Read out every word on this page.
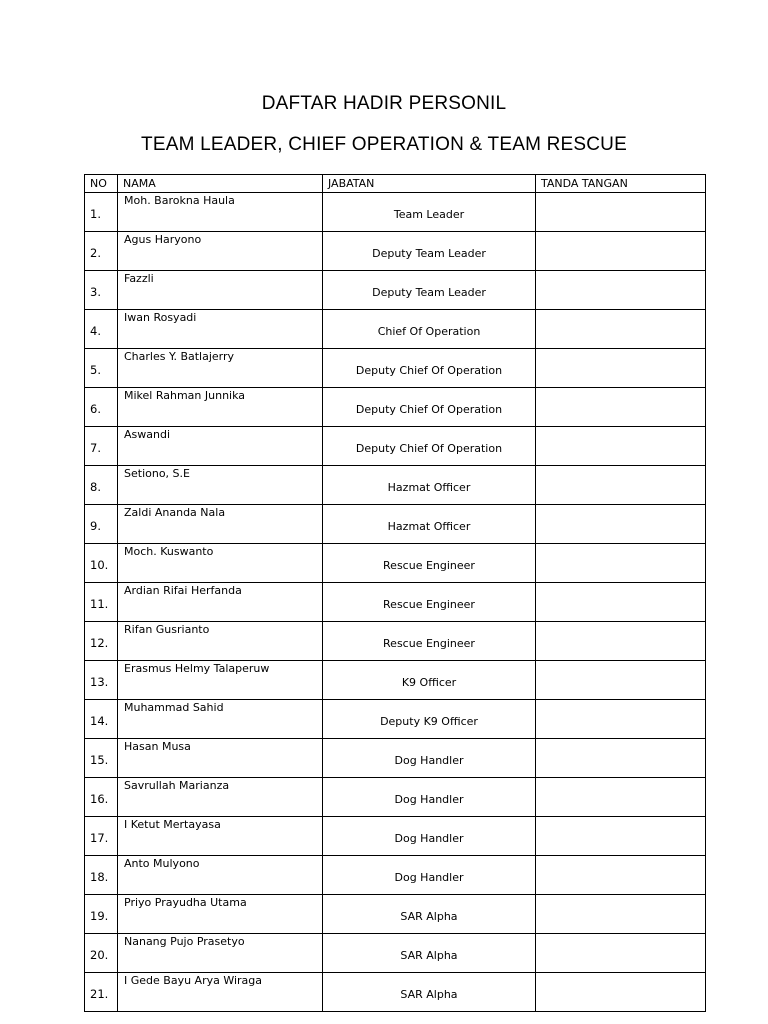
DAFTAR HADIR PERSONIL
TEAM LEADER, CHIEF OPERATION & TEAM RESCUE
NO	NAMA	JABATAN	TANDA TANGAN
1.	Moh. Barokna Haula	Team Leader	
2.	Agus Haryono	Deputy Team Leader	
3.	Fazzli	Deputy Team Leader	
4.	Iwan Rosyadi	Chief Of Operation	
5.	Charles Y. Batlajerry	Deputy Chief Of Operation	
6.	Mikel Rahman Junnika	Deputy Chief Of Operation	
7.	Aswandi	Deputy Chief Of Operation	
8.	Setiono, S.E	Hazmat Officer	
9.	Zaldi Ananda Nala	Hazmat Officer	
10.	Moch. Kuswanto	Rescue Engineer	
11.	Ardian Rifai Herfanda	Rescue Engineer	
12.	Rifan Gusrianto	Rescue Engineer	
13.	Erasmus Helmy Talaperuw	K9 Officer	
14.	Muhammad Sahid	Deputy K9 Officer	
15.	Hasan Musa	Dog Handler	
16.	Savrullah Marianza	Dog Handler	
17.	I Ketut Mertayasa	Dog Handler	
18.	Anto Mulyono	Dog Handler	
19.	Priyo Prayudha Utama	SAR Alpha	
20.	Nanang Pujo Prasetyo	SAR Alpha	
21.	I Gede Bayu Arya Wiraga	SAR Alpha	
